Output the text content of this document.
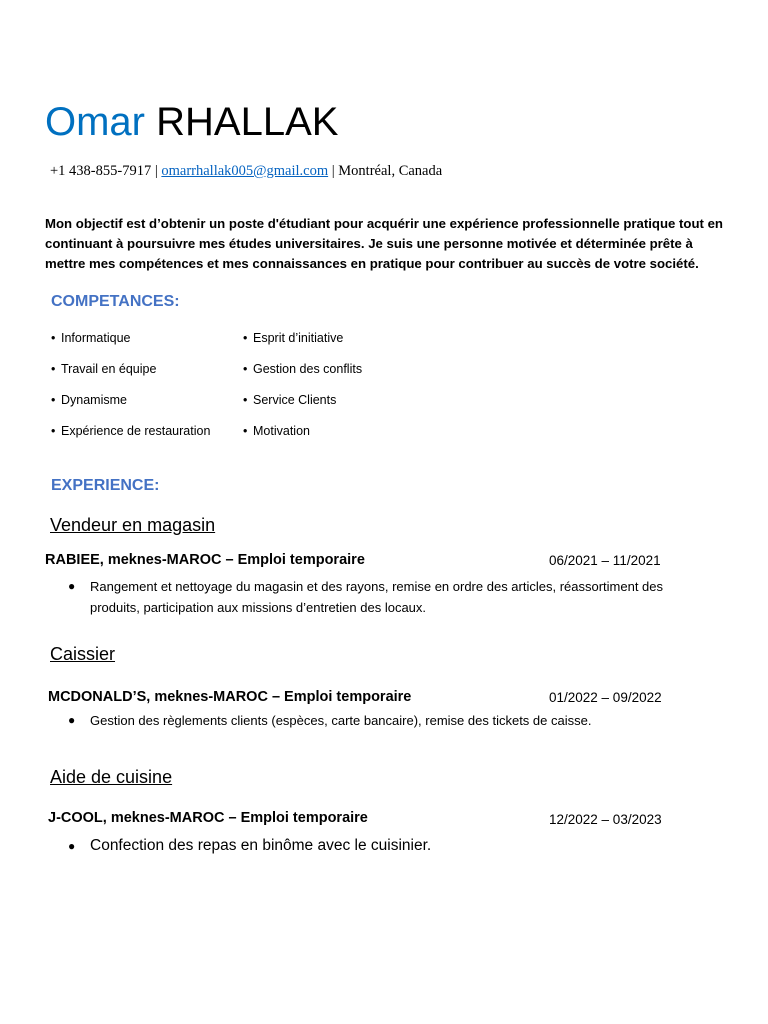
Omar RHALLAK
+1 438-855-7917 | omarrhallak005@gmail.com | Montréal, Canada
Mon objectif est d’obtenir un poste d'étudiant pour acquérir une expérience professionnelle pratique tout en continuant à poursuivre mes études universitaires. Je suis une personne motivée et déterminée prête à mettre mes compétences et mes connaissances en pratique pour contribuer au succès de votre société.
COMPETANCES:
• Informatique
• Travail en équipe
• Dynamisme
• Expérience de restauration
• Esprit d’initiative
• Gestion des conflits
• Service Clients
• Motivation
EXPERIENCE:
Vendeur en magasin
RABIEE, meknes-MAROC – Emploi temporaire	06/2021 – 11/2021
● Rangement et nettoyage du magasin et des rayons, remise en ordre des articles, réassortiment des produits, participation aux missions d’entretien des locaux.
Caissier
MCDONALD’S, meknes-MAROC – Emploi temporaire	01/2022 – 09/2022
● Gestion des règlements clients (espèces, carte bancaire), remise des tickets de caisse.
Aide de cuisine
J-COOL, meknes-MAROC – Emploi temporaire	12/2022 – 03/2023
● Confection des repas en binôme avec le cuisinier.
